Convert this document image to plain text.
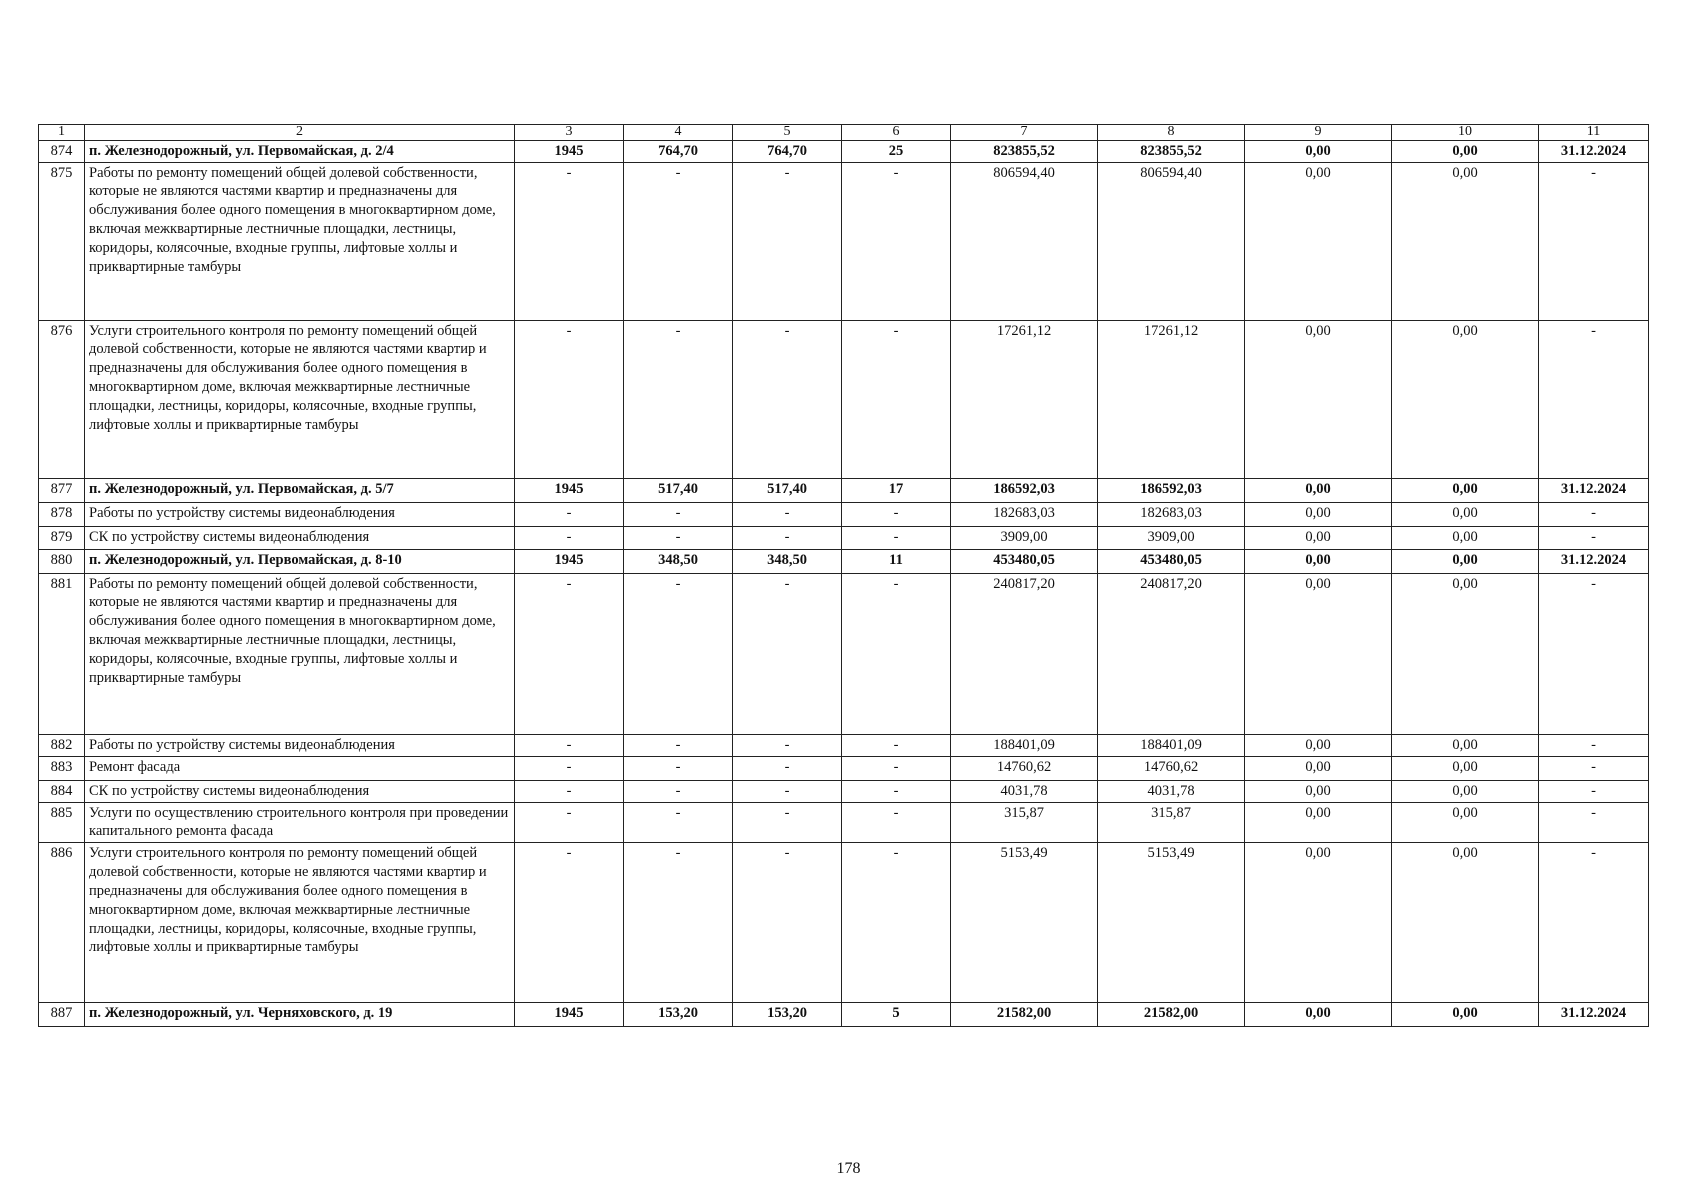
1	2	3	4	5	6	7	8	9	10	11
874	п. Железнодорожный, ул. Первомайская, д. 2/4	1945	764,70	764,70	25	823855,52	823855,52	0,00	0,00	31.12.2024
875	Работы по ремонту помещений общей долевой собственности, которые не являются частями квартир и предназначены для обслуживания более одного помещения в многоквартирном доме, включая межквартирные лестничные площадки, лестницы, коридоры, колясочные, входные группы, лифтовые холлы и приквартирные тамбуры	-	-	-	-	806594,40	806594,40	0,00	0,00	-
876	Услуги строительного контроля по ремонту помещений общей долевой собственности, которые не являются частями квартир и предназначены для обслуживания более одного помещения в многоквартирном доме, включая межквартирные лестничные площадки, лестницы, коридоры, колясочные, входные группы, лифтовые холлы и приквартирные тамбуры	-	-	-	-	17261,12	17261,12	0,00	0,00	-
877	п. Железнодорожный, ул. Первомайская, д. 5/7	1945	517,40	517,40	17	186592,03	186592,03	0,00	0,00	31.12.2024
878	Работы по устройству системы видеонаблюдения	-	-	-	-	182683,03	182683,03	0,00	0,00	-
879	СК по устройству системы видеонаблюдения	-	-	-	-	3909,00	3909,00	0,00	0,00	-
880	п. Железнодорожный, ул. Первомайская, д. 8-10	1945	348,50	348,50	11	453480,05	453480,05	0,00	0,00	31.12.2024
881	Работы по ремонту помещений общей долевой собственности, которые не являются частями квартир и предназначены для обслуживания более одного помещения в многоквартирном доме, включая межквартирные лестничные площадки, лестницы, коридоры, колясочные, входные группы, лифтовые холлы и приквартирные тамбуры	-	-	-	-	240817,20	240817,20	0,00	0,00	-
882	Работы по устройству системы видеонаблюдения	-	-	-	-	188401,09	188401,09	0,00	0,00	-
883	Ремонт фасада	-	-	-	-	14760,62	14760,62	0,00	0,00	-
884	СК по устройству системы видеонаблюдения	-	-	-	-	4031,78	4031,78	0,00	0,00	-
885	Услуги по осуществлению строительного контроля при проведении капитального ремонта фасада	-	-	-	-	315,87	315,87	0,00	0,00	-
886	Услуги строительного контроля по ремонту помещений общей долевой собственности, которые не являются частями квартир и предназначены для обслуживания более одного помещения в многоквартирном доме, включая межквартирные лестничные площадки, лестницы, коридоры, колясочные, входные группы, лифтовые холлы и приквартирные тамбуры	-	-	-	-	5153,49	5153,49	0,00	0,00	-
887	п. Железнодорожный, ул. Черняховского, д. 19	1945	153,20	153,20	5	21582,00	21582,00	0,00	0,00	31.12.2024
178
